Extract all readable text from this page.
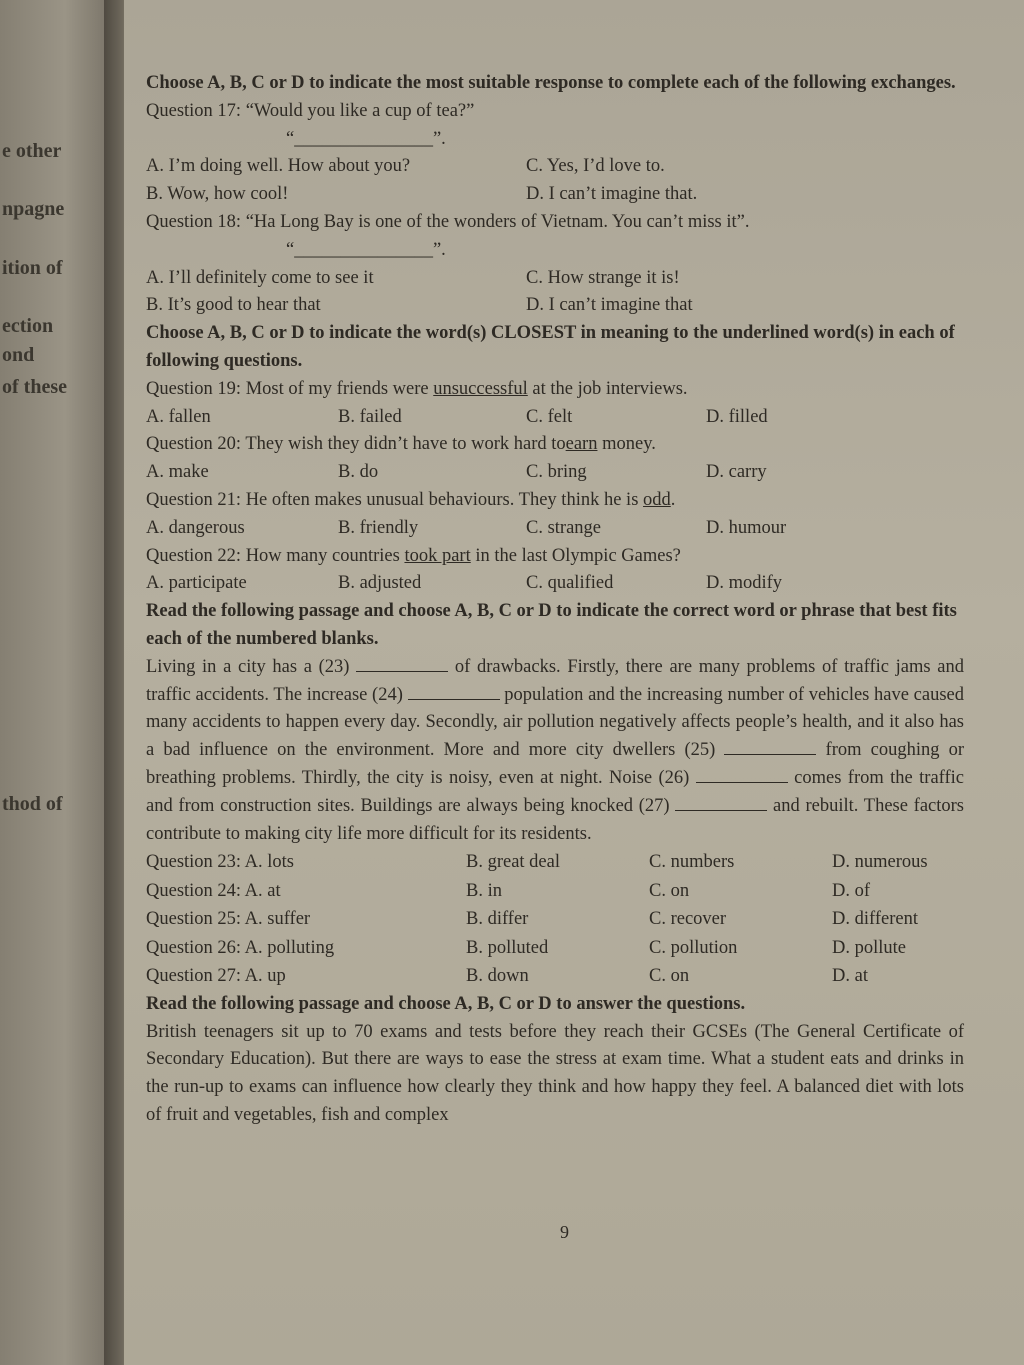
e other
npagne
ition of
ection
ond
of these
thod of

Choose A, B, C or D to indicate the most suitable response to complete each of the following exchanges.

Question 17: “Would you like a cup of tea?”

“_______________”.

A. I’m doing well. How about you?	C. Yes, I’d love to.
B. Wow, how cool!	D. I can’t imagine that.

Question 18: “Ha Long Bay is one of the wonders of Vietnam. You can’t miss it”.

“_______________”.

A. I’ll definitely come to see it	C. How strange it is!
B. It’s good to hear that	D. I can’t imagine that

Choose A, B, C or D to indicate the word(s) CLOSEST in meaning to the underlined word(s) in each of following questions.

Question 19: Most of my friends were unsuccessful at the job interviews.

A. fallen	B. failed	C. felt	D. filled

Question 20: They wish they didn’t have to work hard toearn money.

A. make	B. do	C. bring	D. carry

Question 21: He often makes unusual behaviours. They think he is odd.

A. dangerous	B. friendly	C. strange	D. humour

Question 22: How many countries took part in the last Olympic Games?

A. participate	B. adjusted	C. qualified	D. modify

Read the following passage and choose A, B, C or D to indicate the correct word or phrase that best fits each of the numbered blanks.

Living in a city has a (23)	of drawbacks. Firstly, there are many problems of traffic jams and traffic accidents. The increase (24)	population and the increasing number of vehicles have caused many accidents to happen every day. Secondly, air pollution negatively affects people’s health, and it also has a bad influence on the environment. More and more city dwellers (25)	from coughing or breathing problems. Thirdly, the city is noisy, even at night. Noise (26)	comes from the traffic and from construction sites. Buildings are always being knocked (27)	and rebuilt. These factors contribute to making city life more difficult for its residents.

Question 23: A. lots	B. great deal	C. numbers	D. numerous
Question 24: A. at	B. in	C. on	D. of
Question 25: A. suffer	B. differ	C. recover	D. different
Question 26: A. polluting	B. polluted	C. pollution	D. pollute
Question 27: A. up	B. down	C. on	D. at

Read the following passage and choose A, B, C or D to answer the questions.

British teenagers sit up to 70 exams and tests before they reach their GCSEs (The General Certificate of Secondary Education). But there are ways to ease the stress at exam time. What a student eats and drinks in the run-up to exams can influence how clearly they think and how happy they feel. A balanced diet with lots of fruit and vegetables, fish and complex

9
